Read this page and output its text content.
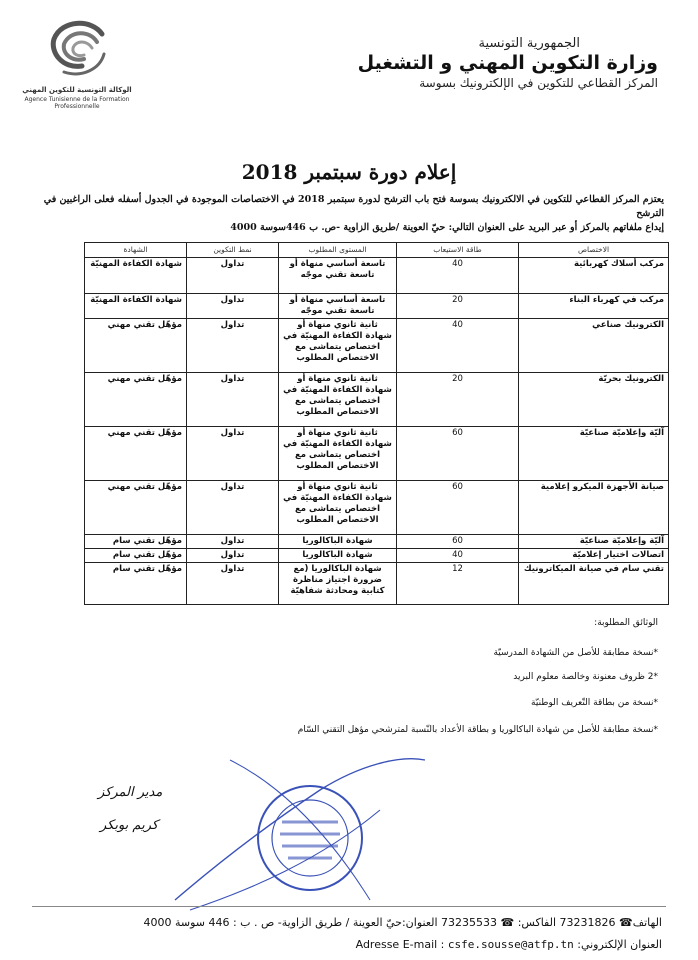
الوكالة التونسية للتكوين المهني
Agence Tunisienne de la Formation
Professionnelle
الجمهورية التونسية
وزارة التكوين المهني و التشغيل
المركز القطاعي للتكوين في الإلكترونيك بسوسة
إعلام دورة سبتمبر 2018
يعتزم المركز القطاعي للتكوين في الالكترونيك بسوسة فتح باب الترشح لدورة سبتمبر 2018 في الاختصاصات الموجودة في الجدول أسفله فعلى الراغبين في الترشح
إيداع ملفاتهم بالمركز أو عبر البريد على العنوان التالي: حيّ العوينة /طريق الزاوية -ص. ب 446سوسة 4000
الاختصاص	طاقة الاستيعاب	المستوى المطلوب	نمط التكوين	الشهادة
مركب أسلاك كهربائية	40	تاسعة أساسي منهاة أو تاسعة تقني موجّه	تداول	شهادة الكفاءة المهنيّة
مركب في كهرباء البناء	20	تاسعة أساسي منهاة أو تاسعة تقني موجّه	تداول	شهادة الكفاءة المهنيّة
الكترونيك صناعي	40	ثانية ثانوي منهاة أو شهادة الكفاءة المهنيّة في اختصاص يتماشى مع الاختصاص المطلوب	تداول	مؤهّل تقني مهني
الكترونيك بحريّة	20	ثانية ثانوي منهاة أو شهادة الكفاءة المهنيّة في اختصاص يتماشى مع الاختصاص المطلوب	تداول	مؤهّل تقني مهني
آليّة وإعلاميّة صناعيّة	60	ثانية ثانوي منهاة أو شهادة الكفاءة المهنيّة في اختصاص يتماشى مع الاختصاص المطلوب	تداول	مؤهّل تقني مهني
صيانة الأجهزة الميكرو إعلامية	60	ثانية ثانوي منهاة أو شهادة الكفاءة المهنيّة في اختصاص يتماشى مع الاختصاص المطلوب	تداول	مؤهّل تقني مهني
آليّة وإعلاميّة صناعيّة	60	شهادة الباكالوريا	تداول	مؤهّل تقني سام
اتصالات اختيار إعلاميّة	40	شهادة الباكالوريا	تداول	مؤهّل تقني سام
تقني سام في صيانة الميكاترونيك	12	شهادة الباكالوريا (مع ضرورة اجتياز مناظرة كتابية ومحادثة شفاهيّة	تداول	مؤهّل تقني سام
الوثائق المطلوبة:
*نسخة مطابقة للأصل من الشهادة المدرسيّة
*2 ظروف معنونة وخالصة معلوم البريد
*نسخة من بطاقة التّعريف الوطنيّة
*نسخة مطابقة للأصل من شهادة الباكالوريا و بطاقة الأعداد بالنّسبة لمترشحي مؤهل التقني السّام
مدير المركز
كريم بوبكر
الهاتف☎ 73231826 الفاكس: ☎ 73235533 العنوان:حيّ العوينة / طريق الزاوية- ص . ب : 446 سوسة 4000
Adresse E-mail : csfe.sousse@atfp.tn :العنوان الإلكتروني
